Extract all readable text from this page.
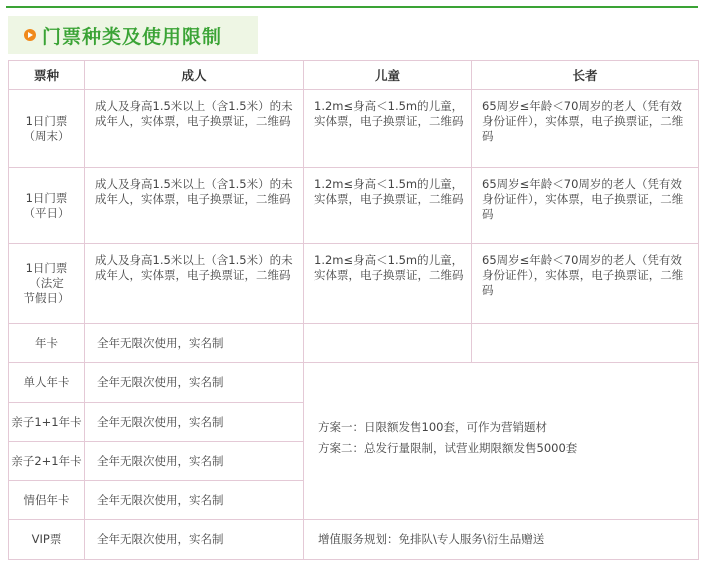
门票种类及使用限制
票种	成人	儿童	长者

1日门票
（周末）	成人及身高1.5米以上（含1.5米）的未成年人，实体票，电子换票证，二维码	1.2m≤身高＜1.5m的儿童，实体票，电子换票证，二维码	65周岁≤年龄＜70周岁的老人（凭有效身份证件），实体票，电子换票证，二维码

1日门票
（平日）	成人及身高1.5米以上（含1.5米）的未成年人，实体票，电子换票证，二维码	1.2m≤身高＜1.5m的儿童，实体票，电子换票证，二维码	65周岁≤年龄＜70周岁的老人（凭有效身份证件），实体票，电子换票证，二维码

1日门票
（法定
节假日）	成人及身高1.5米以上（含1.5米）的未成年人，实体票，电子换票证，二维码	1.2m≤身高＜1.5m的儿童，实体票，电子换票证，二维码	65周岁≤年龄＜70周岁的老人（凭有效身份证件），实体票，电子换票证，二维码
年卡	全年无限次使用，实名制		
单人年卡	全年无限次使用，实名制	方案一：日限额发售100套，可作为营销题材

方案二：总发行量限制，试营业期限额发售5000套	

亲子1+1年卡	全年无限次使用，实名制		
亲子2+1年卡	全年无限次使用，实名制		
情侣年卡	全年无限次使用，实名制		
VIP票	全年无限次使用，实名制	增值服务规划：免排队\专人服务\衍生品赠送	
